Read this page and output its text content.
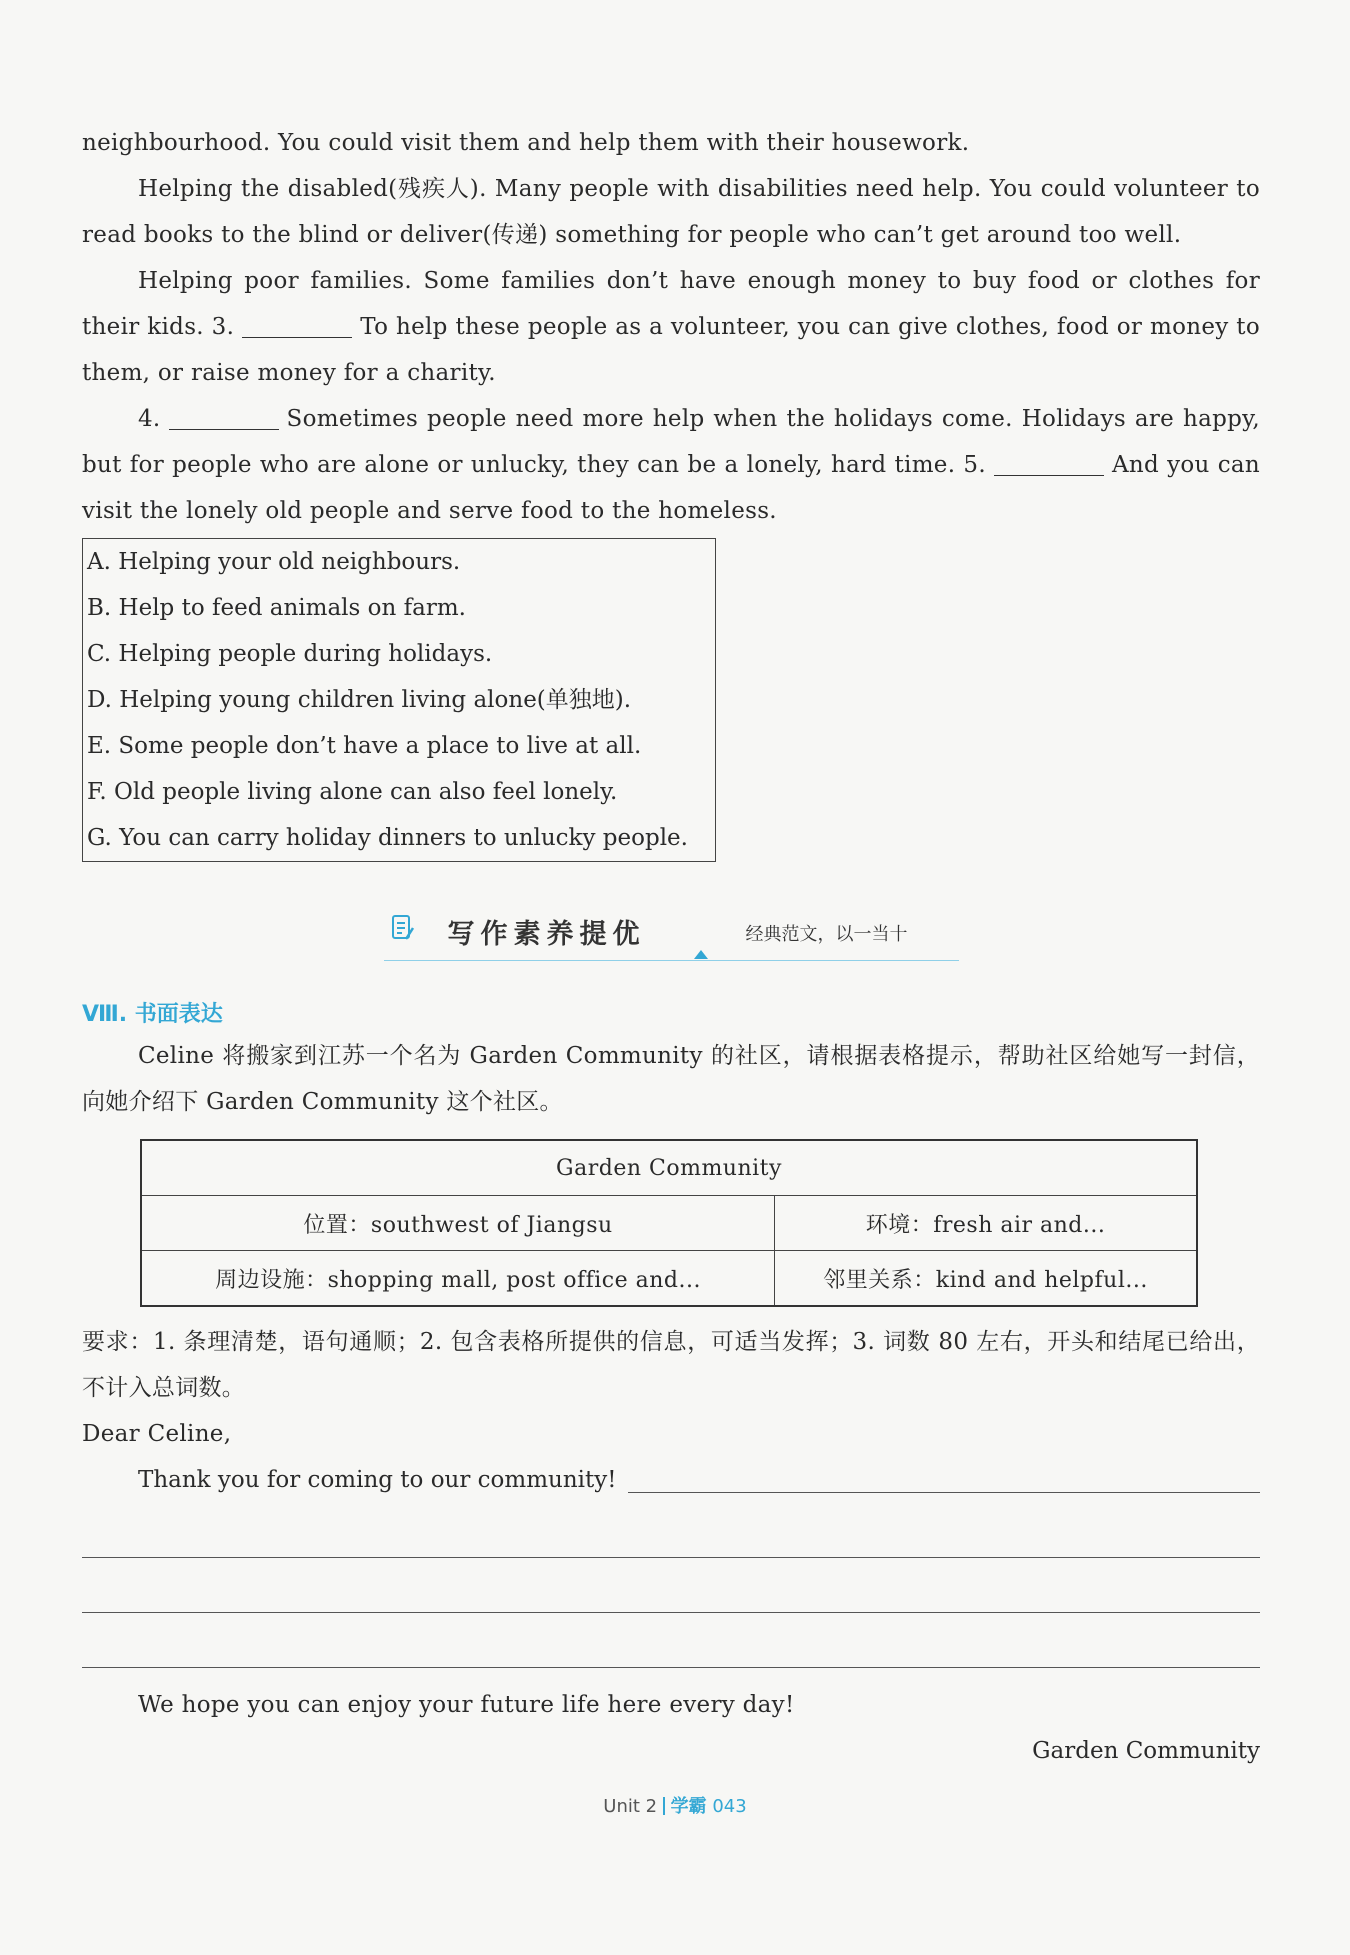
neighbourhood. You could visit them and help them with their housework.

Helping the disabled(残疾人). Many people with disabilities need help. You could volunteer to read books to the blind or deliver(传递) something for people who can’t get around too well.

Helping poor families. Some families don’t have enough money to buy food or clothes for their kids. 3.	To help these people as a volunteer, you can give clothes, food or money to them, or raise money for a charity.

4.	Sometimes people need more help when the holidays come. Holidays are happy, but for people who are alone or unlucky, they can be a lonely, hard time. 5.	And you can visit the lonely old people and serve food to the homeless.

A. Helping your old neighbours.
B. Help to feed animals on farm.
C. Helping people during holidays.
D. Helping young children living alone(单独地).
E. Some people don’t have a place to live at all.
F. Old people living alone can also feel lonely.
G. You can carry holiday dinners to unlucky people.
写作素养提优	经典范文，以一当十
Ⅷ. 书面表达

Celine 将搬家到江苏一个名为 Garden Community 的社区，请根据表格提示，帮助社区给她写一封信，向她介绍下 Garden Community 这个社区。

Garden Community	
位置：southwest of Jiangsu	环境：fresh air and...
周边设施：shopping mall, post office and...	邻里关系：kind and helpful...

要求：1. 条理清楚，语句通顺；2. 包含表格所提供的信息，可适当发挥；3. 词数 80 左右，开头和结尾已给出，不计入总词数。

Dear Celine,

Thank you for coming to our community!

We hope you can enjoy your future life here every day!

Garden Community
Unit 2 学霸 043
